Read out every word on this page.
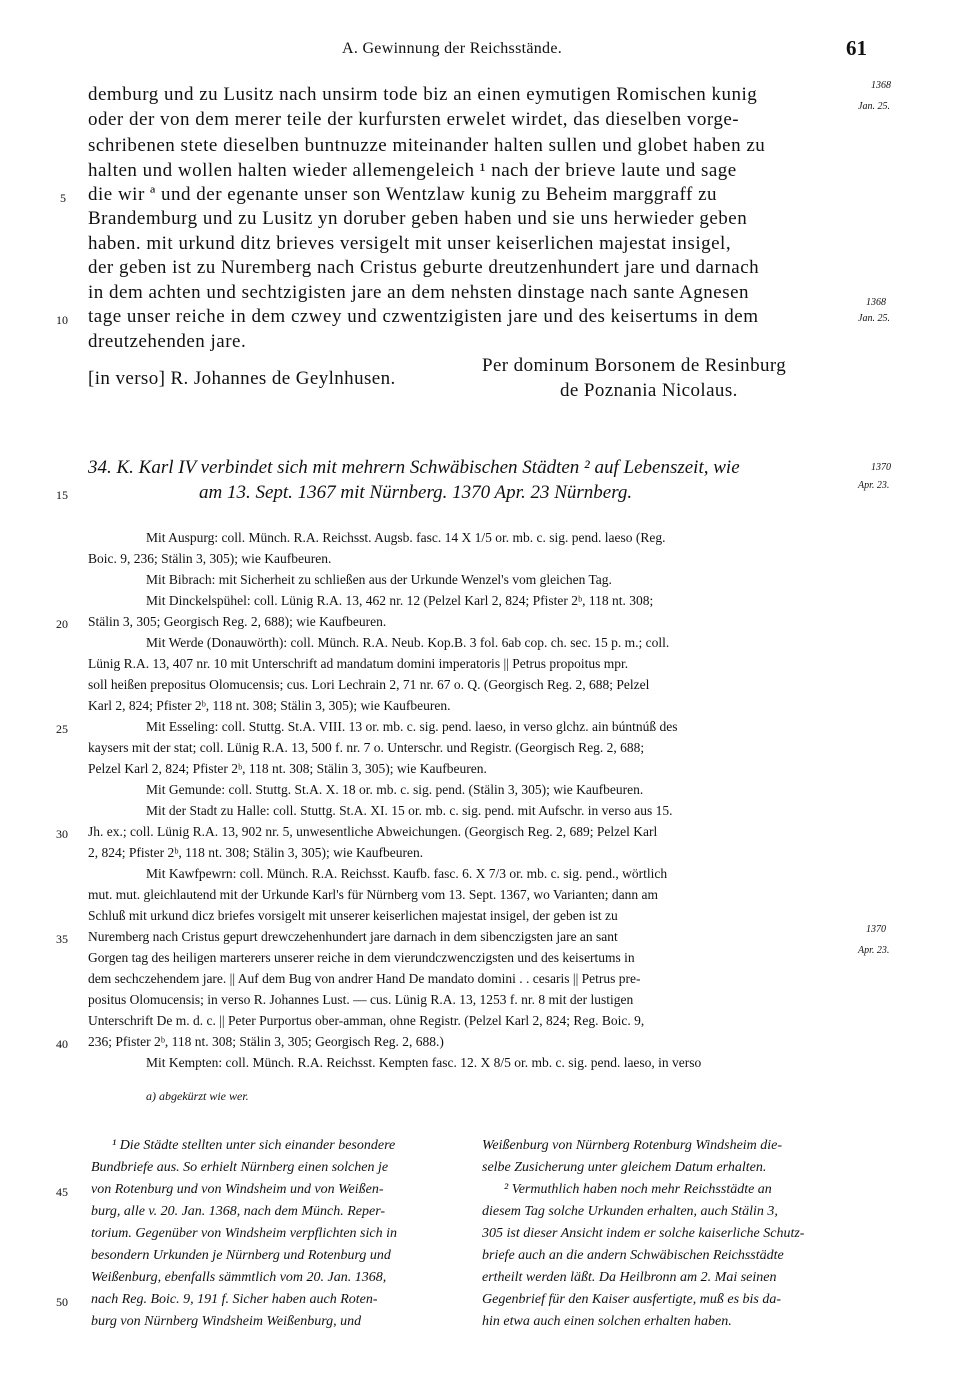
A. Gewinnung der Reichsstände.	61
demburg und zu Lusitz nach unsirm tode biz an einen eymutigen Romischen kunig
oder der von dem merer teile der kurfursten erwelet wirdet, das dieselben vorge-
schribenen stete dieselben buntnuzze miteinander halten sullen und globet haben zu
halten und wollen halten wieder allemengeleich ¹ nach der brieve laute und sage
die wir ª und der egenante unser son Wentzlaw kunig zu Beheim marggraff zu
Brandemburg und zu Lusitz yn doruber geben haben und sie uns herwieder geben
haben. mit urkund ditz brieves versigelt mit unser keiserlichen majestat insigel,
der geben ist zu Nuremberg nach Cristus geburte dreutzenhundert jare und darnach
in dem achten und sechtzigisten jare an dem nehsten dinstage nach sante Agnesen
tage unser reiche in dem czwey und czwentzigisten jare und des keisertums in dem
dreutzehenden jare.
5
10
1368
Jan. 25.
1368
Jan. 25.
[in verso] R. Johannes de Geylnhusen.
Per dominum Borsonem de Resinburg
de Poznania Nicolaus.
34. K. Karl IV verbindet sich mit mehrern Schwäbischen Städten ² auf Lebenszeit, wie
am 13. Sept. 1367 mit Nürnberg. 1370 Apr. 23 Nürnberg.
15
1370
Apr. 23.
Mit Auspurg: coll. Münch. R.A. Reichsst. Augsb. fasc. 14 X 1/5 or. mb. c. sig. pend. laeso (Reg.
Boic. 9, 236; Stälin 3, 305); wie Kaufbeuren.
Mit Bibrach: mit Sicherheit zu schließen aus der Urkunde Wenzel's vom gleichen Tag.
Mit Dinckelspühel: coll. Lünig R.A. 13, 462 nr. 12 (Pelzel Karl 2, 824; Pfister 2ᵇ, 118 nt. 308;
Stälin 3, 305; Georgisch Reg. 2, 688); wie Kaufbeuren.
Mit Werde (Donauwörth): coll. Münch. R.A. Neub. Kop.B. 3 fol. 6ab cop. ch. sec. 15 p. m.; coll.
Lünig R.A. 13, 407 nr. 10 mit Unterschrift ad mandatum domini imperatoris || Petrus propoitus mpr.
soll heißen prepositus Olomucensis; cus. Lori Lechrain 2, 71 nr. 67 o. Q. (Georgisch Reg. 2, 688; Pelzel
Karl 2, 824; Pfister 2ᵇ, 118 nt. 308; Stälin 3, 305); wie Kaufbeuren.
Mit Esseling: coll. Stuttg. St.A. VIII. 13 or. mb. c. sig. pend. laeso, in verso glchz. ain búntnúß des
kaysers mit der stat; coll. Lünig R.A. 13, 500 f. nr. 7 o. Unterschr. und Registr. (Georgisch Reg. 2, 688;
Pelzel Karl 2, 824; Pfister 2ᵇ, 118 nt. 308; Stälin 3, 305); wie Kaufbeuren.
Mit Gemunde: coll. Stuttg. St.A. X. 18 or. mb. c. sig. pend. (Stälin 3, 305); wie Kaufbeuren.
Mit der Stadt zu Halle: coll. Stuttg. St.A. XI. 15 or. mb. c. sig. pend. mit Aufschr. in verso aus 15.
Jh. ex.; coll. Lünig R.A. 13, 902 nr. 5, unwesentliche Abweichungen. (Georgisch Reg. 2, 689; Pelzel Karl
2, 824; Pfister 2ᵇ, 118 nt. 308; Stälin 3, 305); wie Kaufbeuren.
Mit Kawfpewrn: coll. Münch. R.A. Reichsst. Kaufb. fasc. 6. X 7/3 or. mb. c. sig. pend., wörtlich
mut. mut. gleichlautend mit der Urkunde Karl's für Nürnberg vom 13. Sept. 1367, wo Varianten; dann am
Schluß mit urkund dicz briefes vorsigelt mit unserer keiserlichen majestat insigel, der geben ist zu
Nuremberg nach Cristus gepurt drewczehenhundert jare darnach in dem sibenczigsten jare an sant
Gorgen tag des heiligen marterers unserer reiche in dem vierundczwenczigsten und des keisertums in
dem sechczehendem jare. || Auf dem Bug von andrer Hand De mandato domini . . cesaris || Petrus pre-
positus Olomucensis; in verso R. Johannes Lust. — cus. Lünig R.A. 13, 1253 f. nr. 8 mit der lustigen
Unterschrift De m. d. c. || Peter Purportus ober-amman, ohne Registr. (Pelzel Karl 2, 824; Reg. Boic. 9,
236; Pfister 2ᵇ, 118 nt. 308; Stälin 3, 305; Georgisch Reg. 2, 688.)
Mit Kempten: coll. Münch. R.A. Reichsst. Kempten fasc. 12. X 8/5 or. mb. c. sig. pend. laeso, in verso
20
25
30
35
40
1370
Apr. 23.
a) abgekürzt wie wer.
¹ Die Städte stellten unter sich einander besondere
Bundbriefe aus. So erhielt Nürnberg einen solchen je
von Rotenburg und von Windsheim und von Weißen-
burg, alle v. 20. Jan. 1368, nach dem Münch. Reper-
torium. Gegenüber von Windsheim verpflichten sich in
besondern Urkunden je Nürnberg und Rotenburg und
Weißenburg, ebenfalls sämmtlich vom 20. Jan. 1368,
nach Reg. Boic. 9, 191 f. Sicher haben auch Roten-
burg von Nürnberg Windsheim Weißenburg, und
Weißenburg von Nürnberg Rotenburg Windsheim die-
selbe Zusicherung unter gleichem Datum erhalten.
² Vermuthlich haben noch mehr Reichsstädte an
diesem Tag solche Urkunden erhalten, auch Stälin 3,
305 ist dieser Ansicht indem er solche kaiserliche Schutz-
briefe auch an die andern Schwäbischen Reichsstädte
ertheilt werden läßt. Da Heilbronn am 2. Mai seinen
Gegenbrief für den Kaiser ausfertigte, muß es bis da-
hin etwa auch einen solchen erhalten haben.
45
50
